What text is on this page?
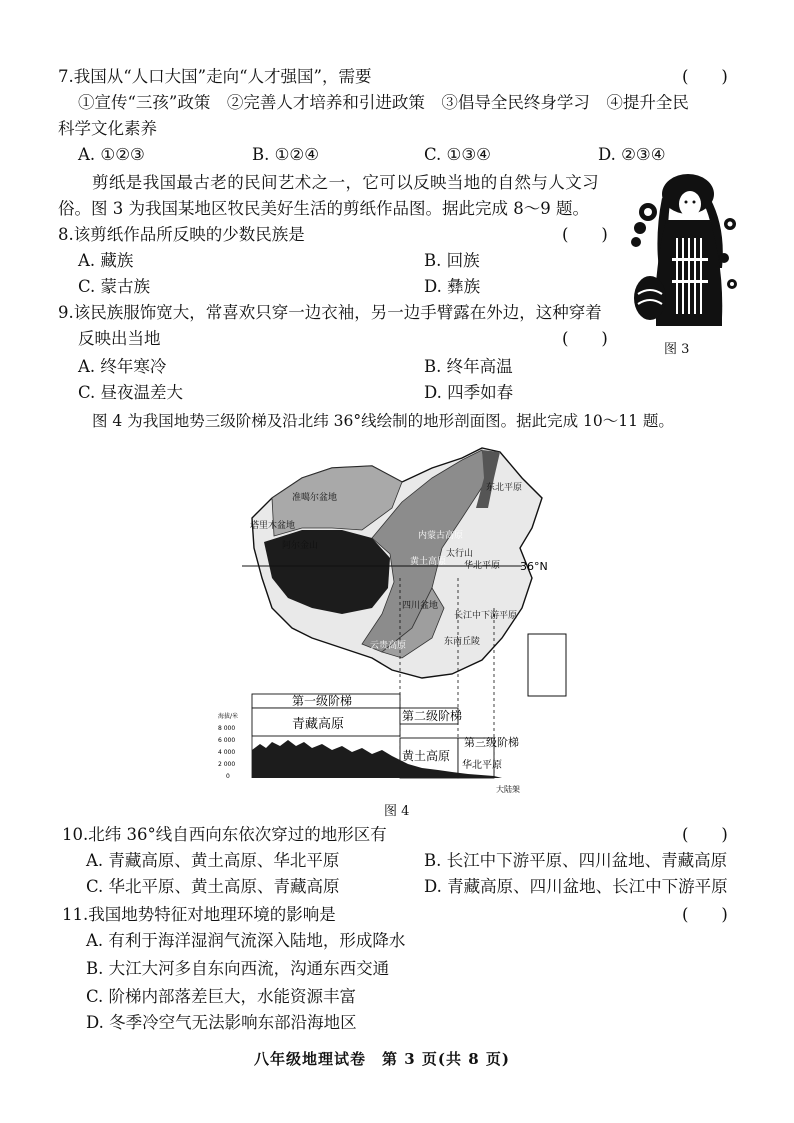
7.我国从“人口大国”走向“人才强国”，需要	(　　)
①宣传“三孩”政策　②完善人才培养和引进政策　③倡导全民终身学习　④提升全民
科学文化素养
A. ①②③	B. ①②④	C. ①③④	D. ②③④
剪纸是我国最古老的民间艺术之一，它可以反映当地的自然与人文习
俗。图 3 为我国某地区牧民美好生活的剪纸作品图。据此完成 8～9 题。
8.该剪纸作品所反映的少数民族是	(　　)
A. 藏族	B. 回族
C. 蒙古族	D. 彝族
9.该民族服饰宽大，常喜欢只穿一边衣袖，另一边手臂露在外边，这种穿着
反映出当地	(　　)
A. 终年寒冷	B. 终年高温
C. 昼夜温差大	D. 四季如春
图 3
图 4 为我国地势三级阶梯及沿北纬 36°线绘制的地形剖面图。据此完成 10～11 题。
36°N
准噶尔盆地
塔里木盆地
阿尔金山
内蒙古高原
黄土高原
太行山
华北平原
东北平原
四川盆地
长江中下游平原
云贵高原	东南丘陵
第一级阶梯
青藏高原
第二级阶梯
黄土高原
第三级阶梯
华北平原
海拔/米
8 000
6 000
4 000
2 000
0
大陆架
图 4
10.北纬 36°线自西向东依次穿过的地形区有	(　　)
A. 青藏高原、黄土高原、华北平原	B. 长江中下游平原、四川盆地、青藏高原
C. 华北平原、黄土高原、青藏高原	D. 青藏高原、四川盆地、长江中下游平原
11.我国地势特征对地理环境的影响是	(　　)
A. 有利于海洋湿润气流深入陆地，形成降水
B. 大江大河多自东向西流，沟通东西交通
C. 阶梯内部落差巨大，水能资源丰富
D. 冬季冷空气无法影响东部沿海地区
八年级地理试卷　第 3 页(共 8 页)
